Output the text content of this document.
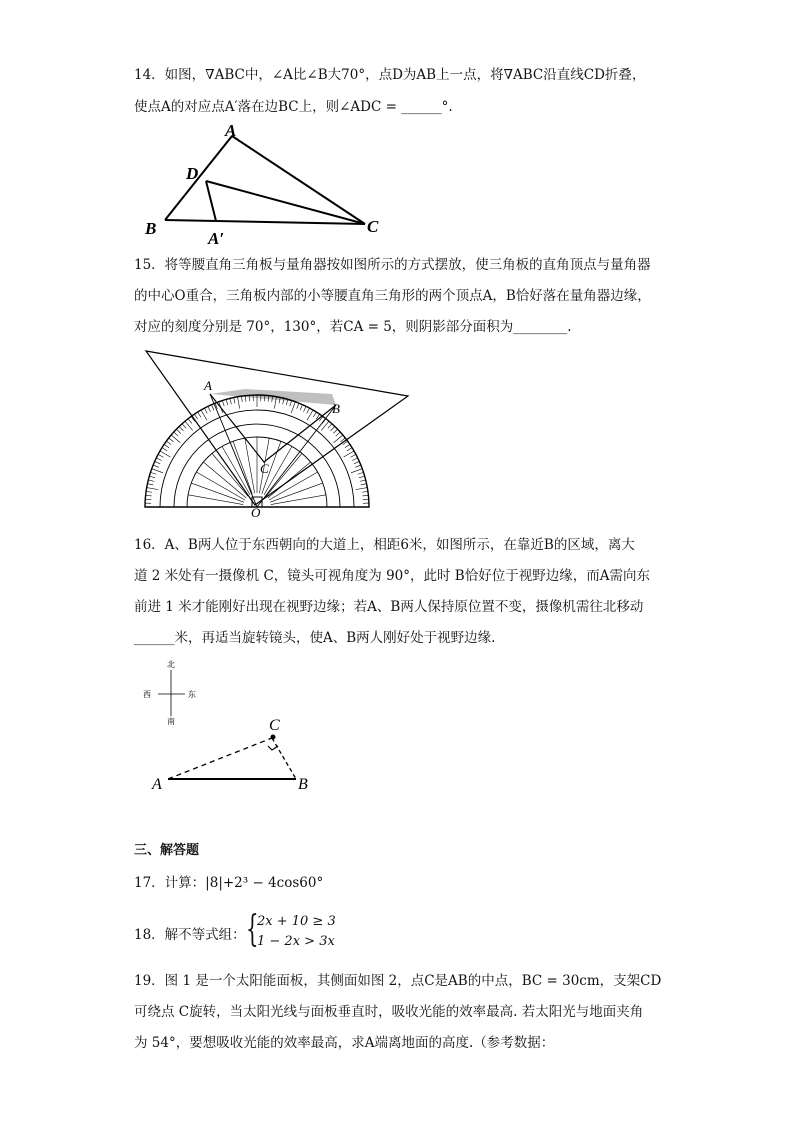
14．如图，∇ABC中，∠A比∠B大70°，点D为AB上一点，将∇ABC沿直线CD折叠，
使点A的对应点A′落在边BC上，则∠ADC = ______°.
A
D
B
A′
C
15．将等腰直角三角板与量角器按如图所示的方式摆放，使三角板的直角顶点与量角器
的中心O重合，三角板内部的小等腰直角三角形的两个顶点A，B恰好落在量角器边缘，
对应的刻度分别是 70°，130°，若CA = 5，则阴影部分面积为________.
A
B
C
O
16．A、B两人位于东西朝向的大道上，相距6米，如图所示，在靠近B的区域，离大
道 2 米处有一摄像机 C，镜头可视角度为 90°，此时 B恰好位于视野边缘，而A需向东
前进 1 米才能刚好出现在视野边缘；若A、B两人保持原位置不变，摄像机需往北移动
______米，再适当旋转镜头，使A、B两人刚好处于视野边缘.
北
南
西	东
A	B
C
三、解答题
17．计算：|8|+2³ − 4cos60°
18．解不等式组： {
2x + 10 ≥ 3
1 − 2x > 3x
19．图 1 是一个太阳能面板，其侧面如图 2，点C是AB的中点，BC = 30cm，支架CD
可绕点 C旋转，当太阳光线与面板垂直时，吸收光能的效率最高. 若太阳光与地面夹角
为 54°，要想吸收光能的效率最高，求A端离地面的高度.（参考数据：
